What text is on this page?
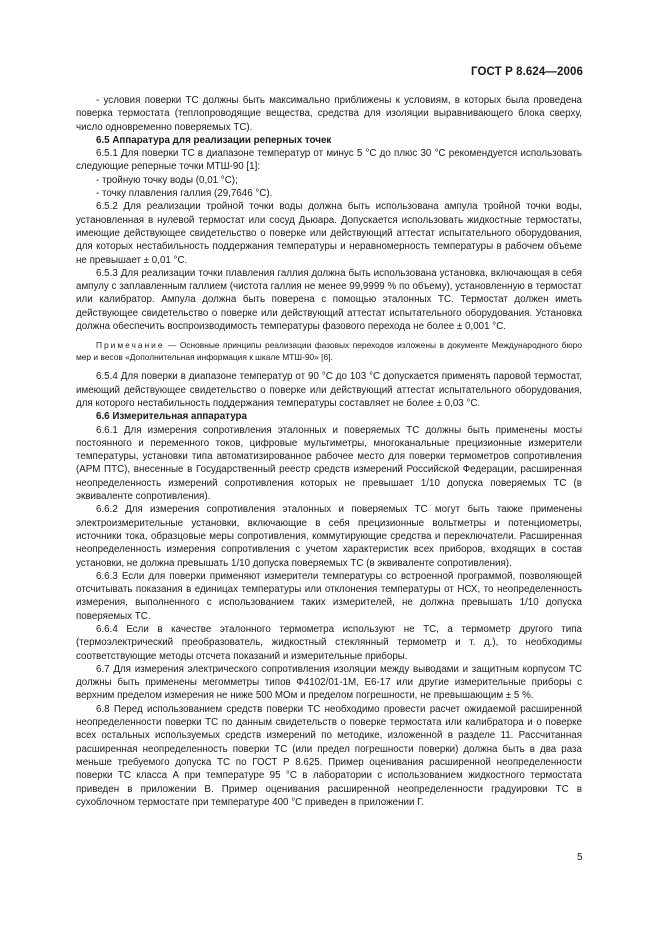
ГОСТ Р 8.624—2006

- условия поверки ТС должны быть максимально приближены к условиям, в которых была проведена поверка термостата (теплопроводящие вещества, средства для изоляции выравнивающего блока сверху, число одновременно поверяемых ТС).

6.5 Аппаратура для реализации реперных точек

6.5.1 Для поверки ТС в диапазоне температур от минус 5 °С до плюс 30 °С рекомендуется использовать следующие реперные точки МТШ-90 [1]:

- тройную точку воды (0,01 °С);

- точку плавления галлия (29,7646 °С).

6.5.2 Для реализации тройной точки воды должна быть использована ампула тройной точки воды, установленная в нулевой термостат или сосуд Дьюара. Допускается использовать жидкостные термостаты, имеющие действующее свидетельство о поверке или действующий аттестат испытательного оборудования, для которых нестабильность поддержания температуры и неравномерность температуры в рабочем объеме не превышает ± 0,01 °С.

6.5.3 Для реализации точки плавления галлия должна быть использована установка, включающая в себя ампулу с заплавленным галлием (чистота галлия не менее 99,9999 % по объему), установленную в термостат или калибратор. Ампула должна быть поверена с помощью эталонных ТС. Термостат должен иметь действующее свидетельство о поверке или действующий аттестат испытательного оборудования. Установка должна обеспечить воспроизводимость температуры фазового перехода не более ± 0,001 °С.

Примечание — Основные принципы реализации фазовых переходов изложены в документе Международного бюро мер и весов «Дополнительная информация к шкале МТШ-90» [6].

6.5.4 Для поверки в диапазоне температур от 90 °С до 103 °С допускается применять паровой термостат, имеющий действующее свидетельство о поверке или действующий аттестат испытательного оборудования, для которого нестабильность поддержания температуры составляет не более ± 0,03 °С.

6.6 Измерительная аппаратура

6.6.1 Для измерения сопротивления эталонных и поверяемых ТС должны быть применены мосты постоянного и переменного токов, цифровые мультиметры, многоканальные прецизионные измерители температуры, установки типа автоматизированное рабочее место для поверки термометров сопротивления (АРМ ПТС), внесенные в Государственный реестр средств измерений Российской Федерации, расширенная неопределенность измерений сопротивления которых не превышает 1/10 допуска поверяемых ТС (в эквиваленте сопротивления).

6.6.2 Для измерения сопротивления эталонных и поверяемых ТС могут быть также применены электроизмерительные установки, включающие в себя прецизионные вольтметры и потенциометры, источники тока, образцовые меры сопротивления, коммутирующие средства и переключатели. Расширенная неопределенность измерения сопротивления с учетом характеристик всех приборов, входящих в состав установки, не должна превышать 1/10 допуска поверяемых ТС (в эквиваленте сопротивления).

6.6.3 Если для поверки применяют измерители температуры со встроенной программой, позволяющей отсчитывать показания в единицах температуры или отклонения температуры от НСХ, то неопределенность измерения, выполненного с использованием таких измерителей, не должна превышать 1/10 допуска поверяемых ТС.

6.6.4 Если в качестве эталонного термометра используют не ТС, а термометр другого типа (термоэлектрический преобразователь, жидкостный стеклянный термометр и т. д.), то необходимы соответствующие методы отсчета показаний и измерительные приборы.

6.7 Для измерения электрического сопротивления изоляции между выводами и защитным корпусом ТС должны быть применены мегомметры типов Ф4102/01-1М, Е6-17 или другие измерительные приборы с верхним пределом измерения не ниже 500 МОм и пределом погрешности, не превышающим ± 5 %.

6.8 Перед использованием средств поверки ТС необходимо провести расчет ожидаемой расширенной неопределенности поверки ТС по данным свидетельств о поверке термостата или калибратора и о поверке всех остальных используемых средств измерений по методике, изложенной в разделе 11. Рассчитанная расширенная неопределенность поверки ТС (или предел погрешности поверки) должна быть в два раза меньше требуемого допуска ТС по ГОСТ Р 8.625. Пример оценивания расширенной неопределенности поверки ТС класса А при температуре 95 °С в лаборатории с использованием жидкостного термостата приведен в приложении В. Пример оценивания расширенной неопределенности градуировки ТС в сухоблочном термостате при температуре 400 °С приведен в приложении Г.

5
